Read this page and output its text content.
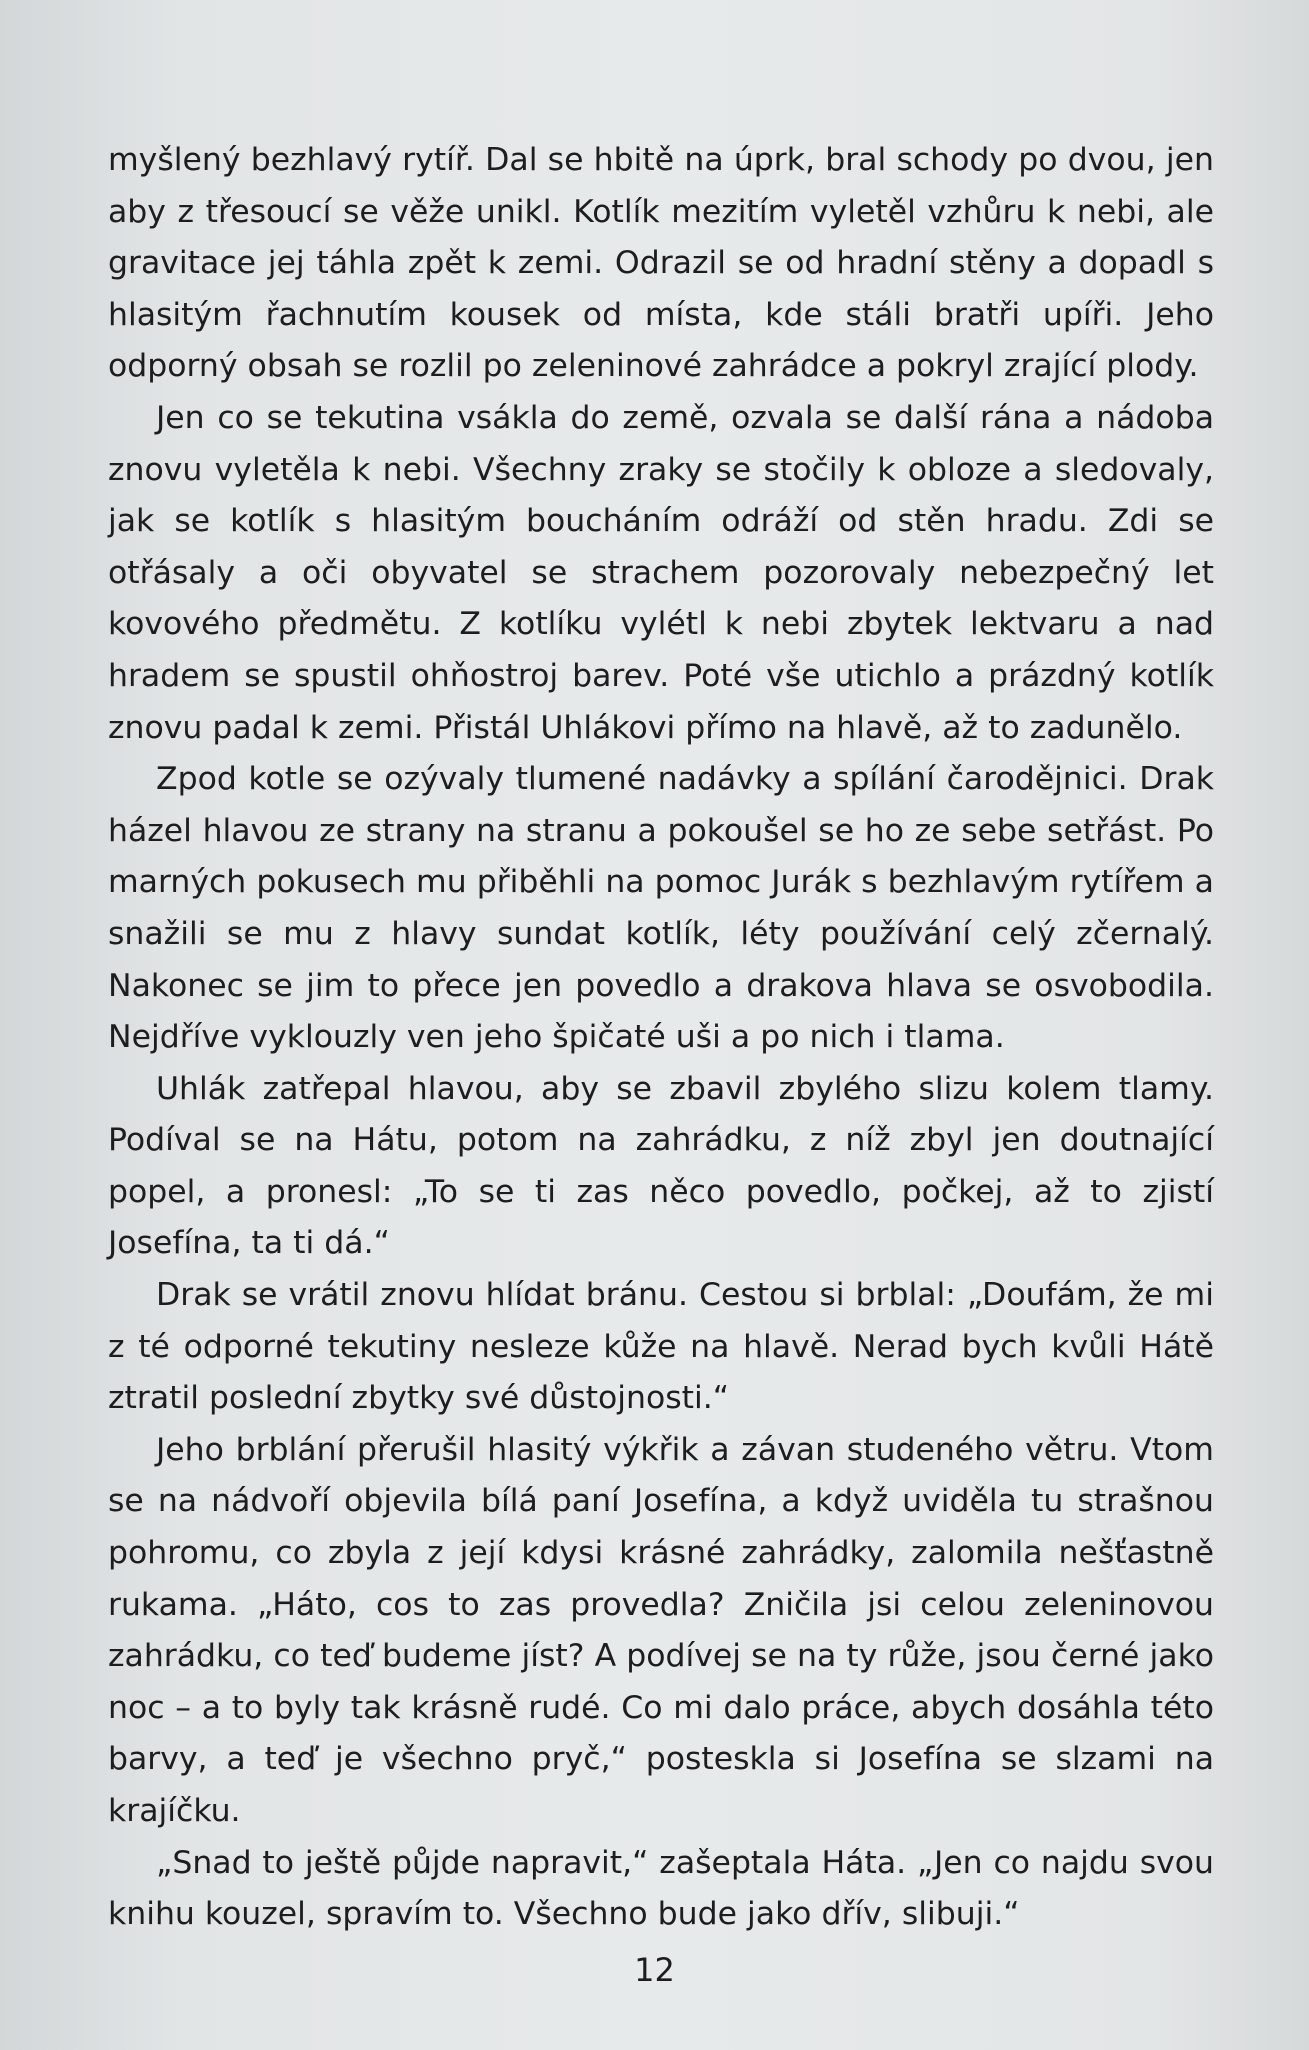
myšlený bezhlavý rytíř. Dal se hbitě na úprk, bral schody po dvou, jen aby z třesoucí se věže unikl. Kotlík mezitím vyletěl vzhůru k nebi, ale gravitace jej táhla zpět k zemi. Odrazil se od hradní stěny a dopadl s hlasitým řachnutím kousek od místa, kde stáli bratři upíři. Jeho odporný obsah se rozlil po zeleninové zahrádce a pokryl zrající plody.

Jen co se tekutina vsákla do země, ozvala se další rána a nádoba znovu vyletěla k nebi. Všechny zraky se stočily k obloze a sledovaly, jak se kotlík s hlasitým boucháním odráží od stěn hradu. Zdi se otřásaly a oči obyvatel se strachem pozorovaly nebezpečný let kovového předmětu. Z kotlíku vylétl k nebi zbytek lektvaru a nad hradem se spustil ohňostroj barev. Poté vše utichlo a prázdný kotlík znovu padal k zemi. Přistál Uhlákovi přímo na hlavě, až to zadunělo.

Zpod kotle se ozývaly tlumené nadávky a spílání čarodějnici. Drak házel hlavou ze strany na stranu a pokoušel se ho ze sebe setřást. Po marných pokusech mu přiběhli na pomoc Jurák s bezhlavým rytířem a snažili se mu z hlavy sundat kotlík, léty používání celý zčernalý. Nakonec se jim to přece jen povedlo a drakova hlava se osvobodila. Nejdříve vyklouzly ven jeho špičaté uši a po nich i tlama.

Uhlák zatřepal hlavou, aby se zbavil zbylého slizu kolem tlamy. Podíval se na Hátu, potom na zahrádku, z níž zbyl jen doutnající popel, a pronesl: „To se ti zas něco povedlo, počkej, až to zjistí Josefína, ta ti dá.“

Drak se vrátil znovu hlídat bránu. Cestou si brblal: „Doufám, že mi z té odporné tekutiny nesleze kůže na hlavě. Nerad bych kvůli Hátě ztratil poslední zbytky své důstojnosti.“

Jeho brblání přerušil hlasitý výkřik a závan studeného větru. Vtom se na nádvoří objevila bílá paní Josefína, a když uviděla tu strašnou pohromu, co zbyla z její kdysi krásné zahrádky, zalomila nešťastně rukama. „Háto, cos to zas provedla? Zničila jsi celou zeleninovou zahrádku, co teď budeme jíst? A podívej se na ty růže, jsou černé jako noc – a to byly tak krásně rudé. Co mi dalo práce, abych dosáhla této barvy, a teď je všechno pryč,“ posteskla si Josefína se slzami na krajíčku.

„Snad to ještě půjde napravit,“ zašeptala Háta. „Jen co najdu svou knihu kouzel, spravím to. Všechno bude jako dřív, slibuji.“

12
